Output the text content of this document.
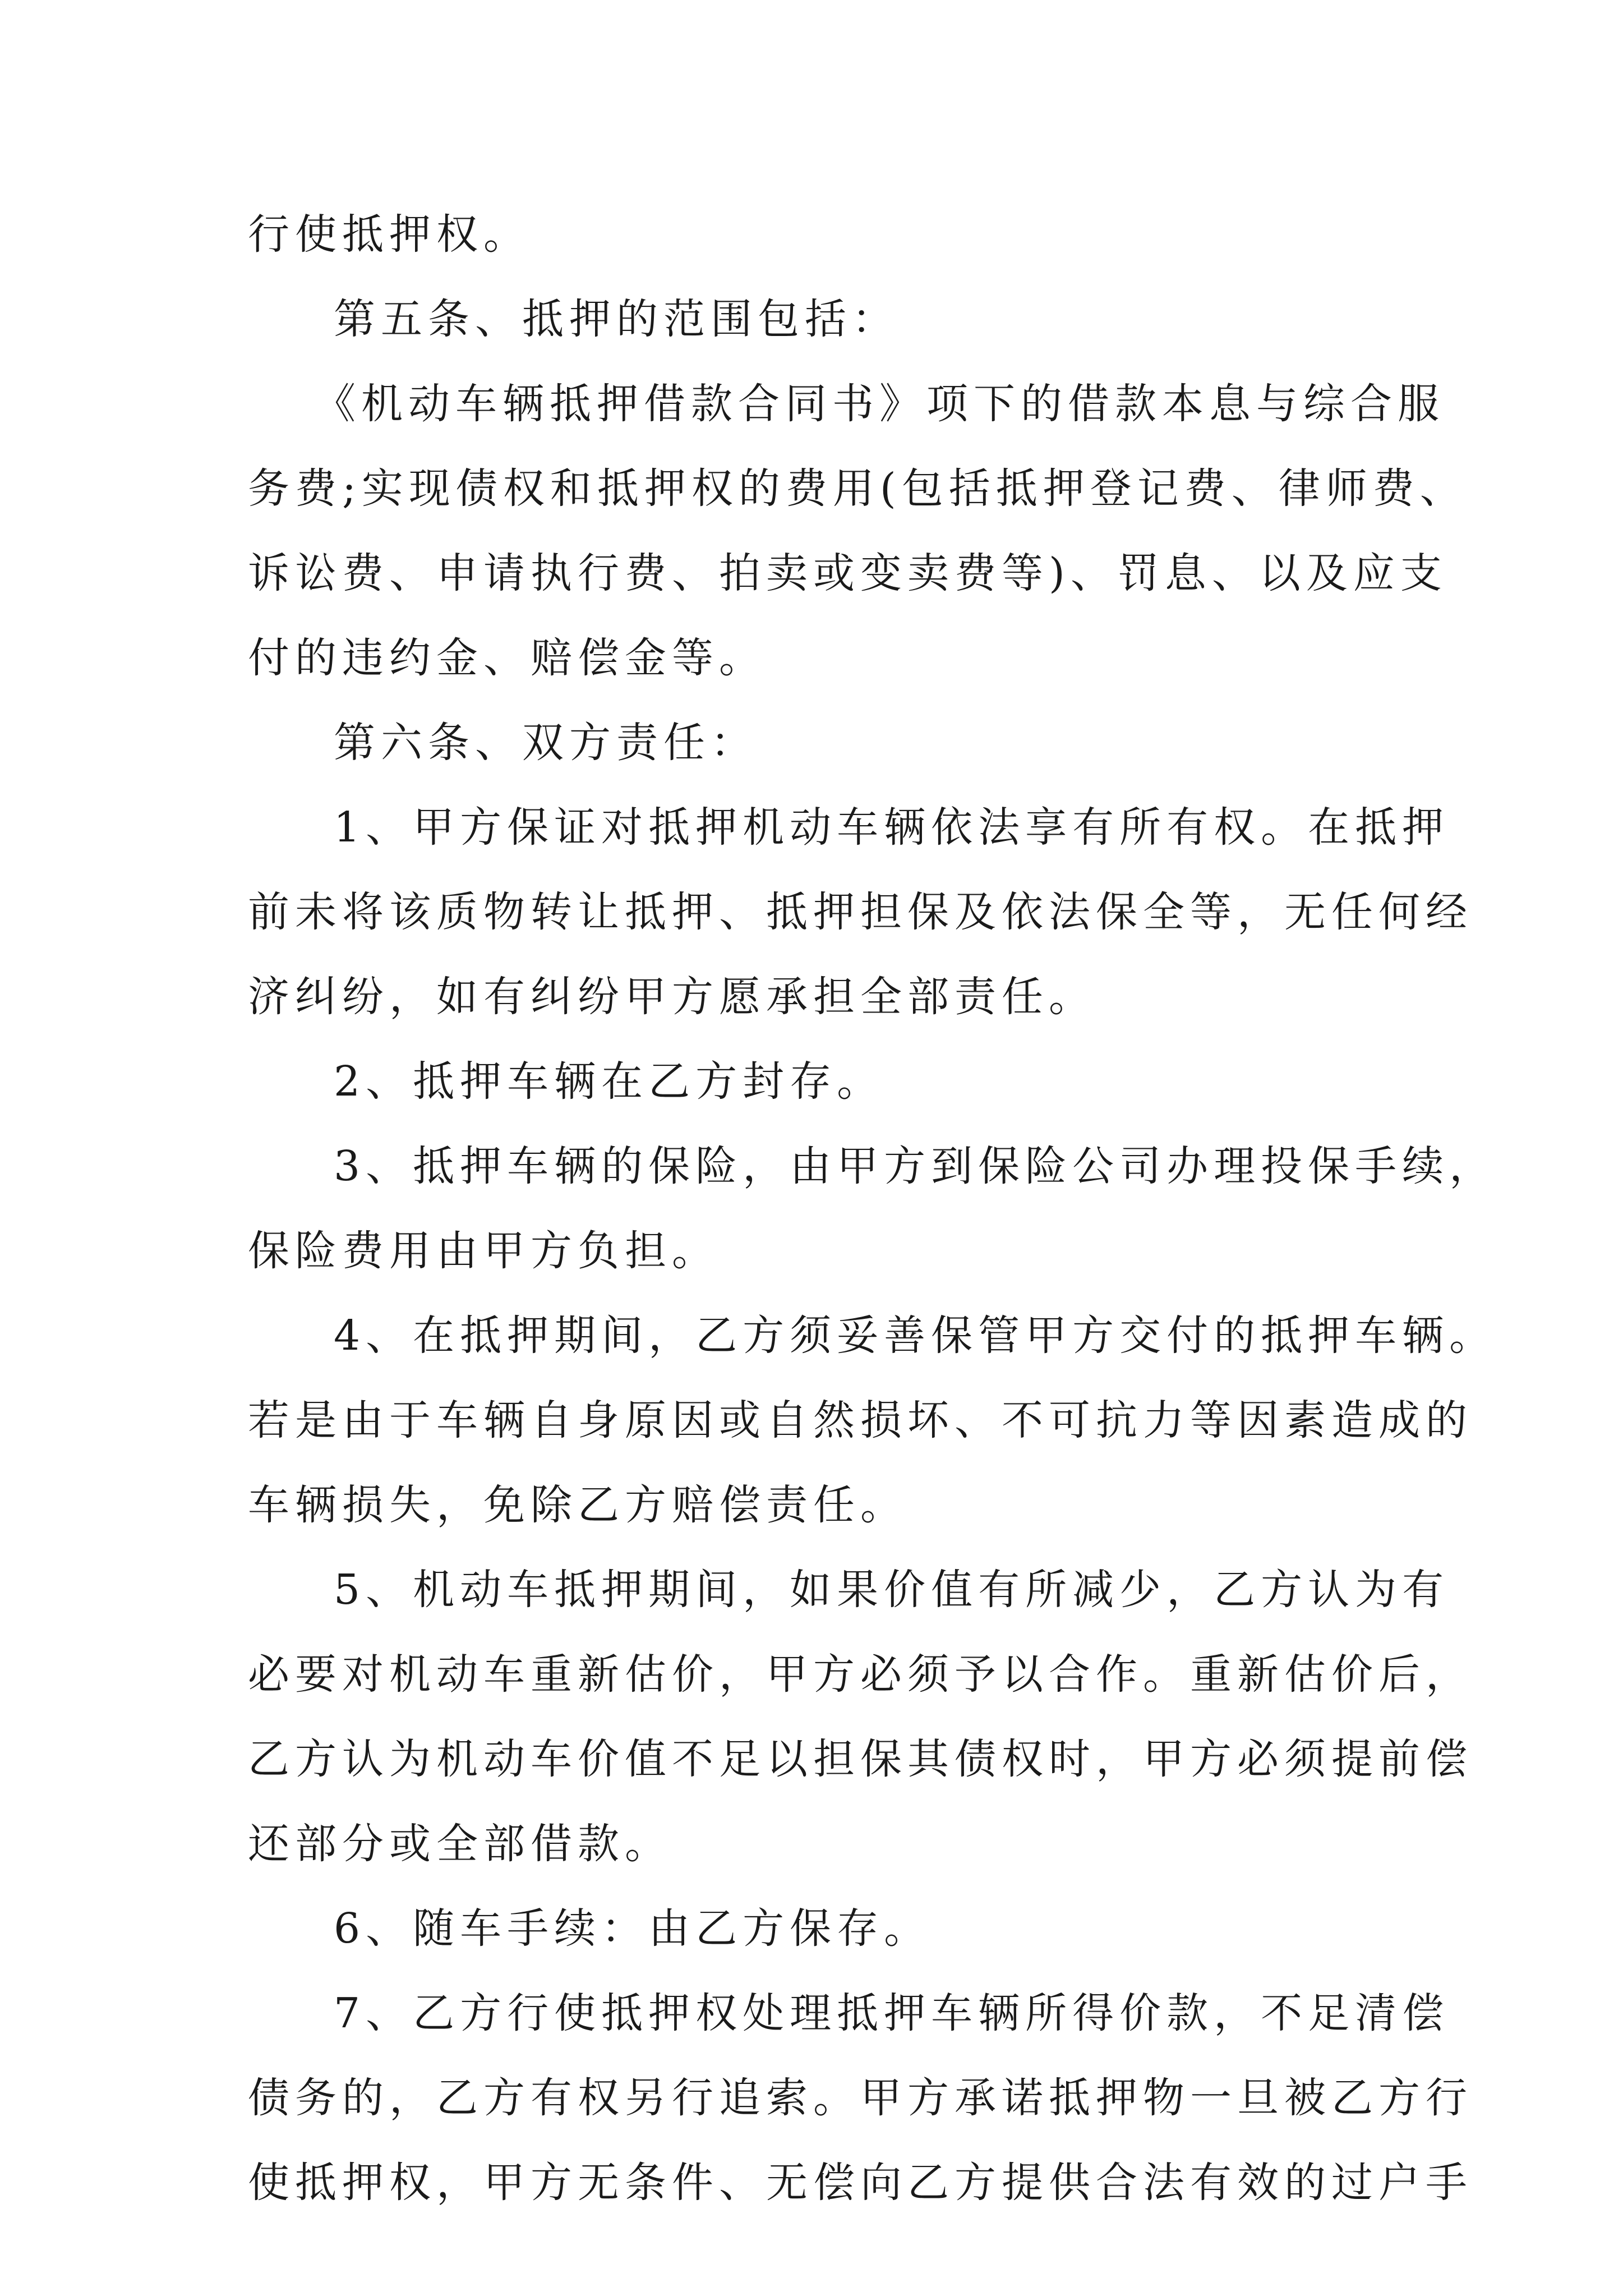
行使抵押权。
第五条、抵押的范围包括：
《机动车辆抵押借款合同书》项下的借款本息与综合服
务费;实现债权和抵押权的费用(包括抵押登记费、律师费、
诉讼费、申请执行费、拍卖或变卖费等)、罚息、以及应支
付的违约金、赔偿金等。
第六条、双方责任：
1、甲方保证对抵押机动车辆依法享有所有权。在抵押
前未将该质物转让抵押、抵押担保及依法保全等，无任何经
济纠纷，如有纠纷甲方愿承担全部责任。
2、抵押车辆在乙方封存。
3、抵押车辆的保险，由甲方到保险公司办理投保手续，
保险费用由甲方负担。
4、在抵押期间，乙方须妥善保管甲方交付的抵押车辆。
若是由于车辆自身原因或自然损坏、不可抗力等因素造成的
车辆损失，免除乙方赔偿责任。
5、机动车抵押期间，如果价值有所减少，乙方认为有
必要对机动车重新估价，甲方必须予以合作。重新估价后，
乙方认为机动车价值不足以担保其债权时，甲方必须提前偿
还部分或全部借款。
6、随车手续：由乙方保存。
7、乙方行使抵押权处理抵押车辆所得价款，不足清偿
债务的，乙方有权另行追索。甲方承诺抵押物一旦被乙方行
使抵押权，甲方无条件、无偿向乙方提供合法有效的过户手
